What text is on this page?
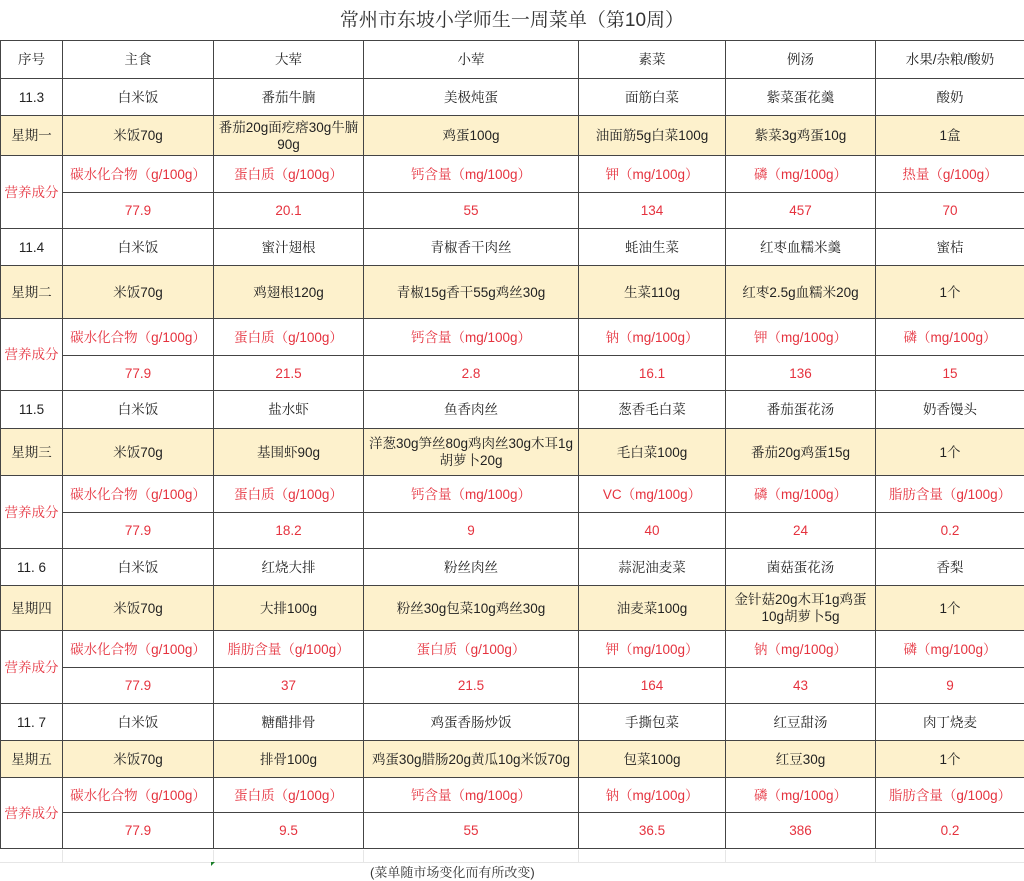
常州市东坡小学师生一周菜单（第10周）
序号	主食	大荤	小荤	素菜	例汤	水果/杂粮/酸奶
11.3	白米饭	番茄牛腩	美极炖蛋	面筋白菜	紫菜蛋花羹	酸奶
星期一	米饭70g	番茄20g面疙瘩30g牛腩90g	鸡蛋100g	油面筋5g白菜100g	紫菜3g鸡蛋10g	1盒
营养成分	碳水化合物（g/100g）	蛋白质（g/100g）	钙含量（mg/100g）	钾（mg/100g）	磷（mg/100g）	热量（g/100g）
	77.9	20.1	55	134	457	70
11.4	白米饭	蜜汁翅根	青椒香干肉丝	蚝油生菜	红枣血糯米羹	蜜桔
星期二	米饭70g	鸡翅根120g	青椒15g香干55g鸡丝30g	生菜110g	红枣2.5g血糯米20g	1个
营养成分	碳水化合物（g/100g）	蛋白质（g/100g）	钙含量（mg/100g）	钠（mg/100g）	钾（mg/100g）	磷（mg/100g）
	77.9	21.5	2.8	16.1	136	15
11.5	白米饭	盐水虾	鱼香肉丝	葱香毛白菜	番茄蛋花汤	奶香馒头
星期三	米饭70g	基围虾90g	洋葱30g笋丝80g鸡肉丝30g木耳1g胡萝卜20g	毛白菜100g	番茄20g鸡蛋15g	1个
营养成分	碳水化合物（g/100g）	蛋白质（g/100g）	钙含量（mg/100g）	VC（mg/100g）	磷（mg/100g）	脂肪含量（g/100g）
	77.9	18.2	9	40	24	0.2
11. 6	白米饭	红烧大排	粉丝肉丝	蒜泥油麦菜	菌菇蛋花汤	香梨
星期四	米饭70g	大排100g	粉丝30g包菜10g鸡丝30g	油麦菜100g	金针菇20g木耳1g鸡蛋10g胡萝卜5g	1个
营养成分	碳水化合物（g/100g）	脂肪含量（g/100g）	蛋白质（g/100g）	钾（mg/100g）	钠（mg/100g）	磷（mg/100g）
	77.9	37	21.5	164	43	9
11. 7	白米饭	糖醋排骨	鸡蛋香肠炒饭	手撕包菜	红豆甜汤	肉丁烧麦
星期五	米饭70g	排骨100g	鸡蛋30g腊肠20g黄瓜10g米饭70g	包菜100g	红豆30g	1个
营养成分	碳水化合物（g/100g）	蛋白质（g/100g）	钙含量（mg/100g）	钠（mg/100g）	磷（mg/100g）	脂肪含量（g/100g）
	77.9	9.5	55	36.5	386	0.2
(菜单随市场变化而有所改变)
